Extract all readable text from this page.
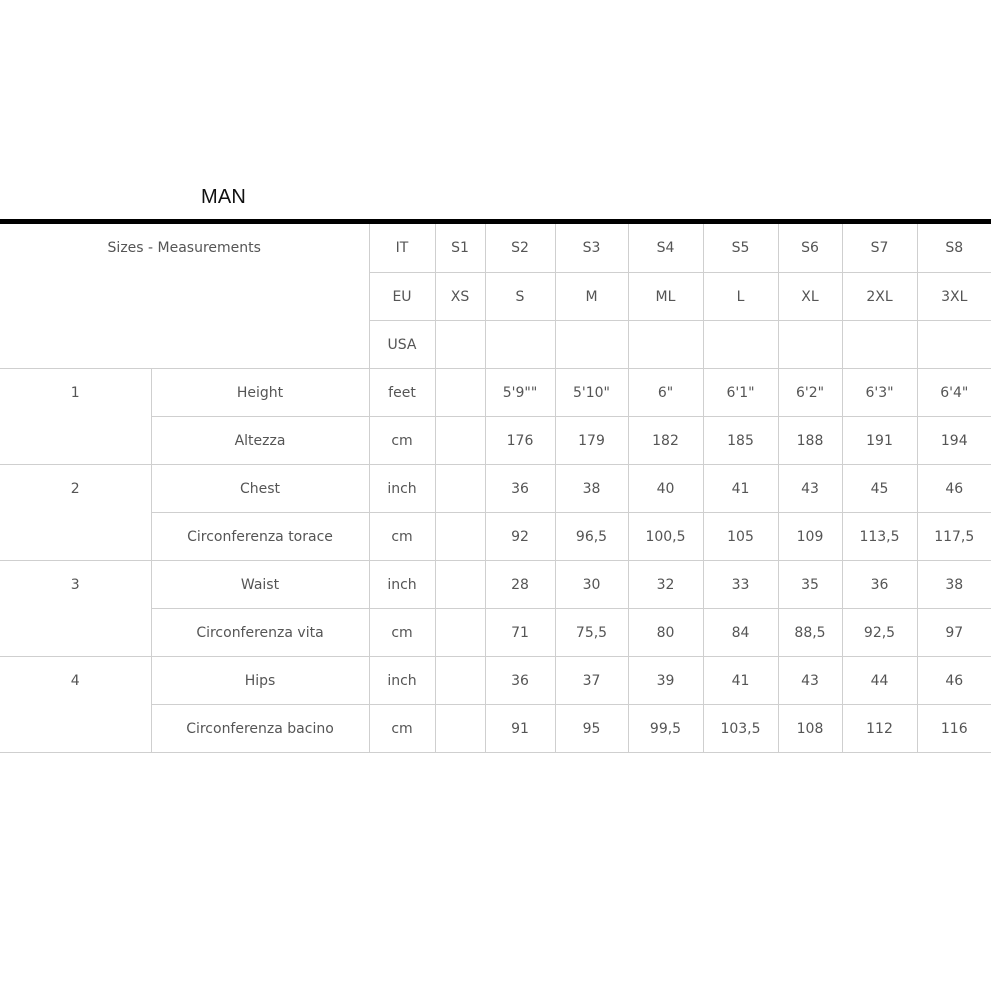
MAN
Sizes - Measurements		IT	S1	S2	S3	S4	S5	S6	S7	S8
		EU	XS	S	M	ML	L	XL	2XL	3XL
		USA								
1	Height	feet		5'9""	5'10"	6"	6'1"	6'2"	6'3"	6'4"
	Altezza	cm		176	179	182	185	188	191	194
2	Chest	inch		36	38	40	41	43	45	46
	Circonferenza torace	cm		92	96,5	100,5	105	109	113,5	117,5
3	Waist	inch		28	30	32	33	35	36	38
	Circonferenza vita	cm		71	75,5	80	84	88,5	92,5	97
4	Hips	inch		36	37	39	41	43	44	46
	Circonferenza bacino	cm		91	95	99,5	103,5	108	112	116
